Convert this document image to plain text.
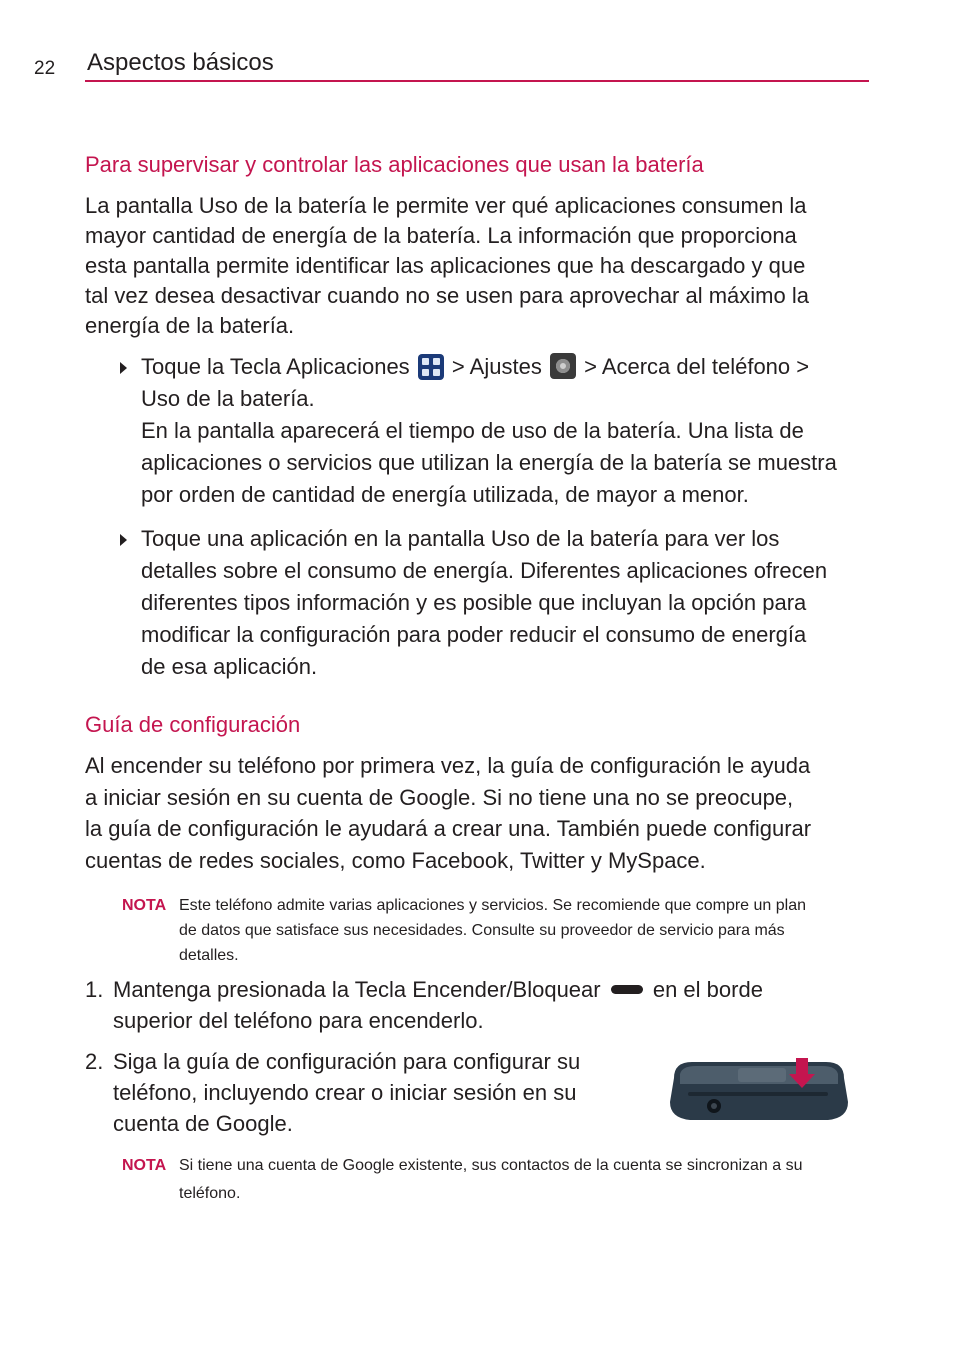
22 Aspectos básicos
Para supervisar y controlar las aplicaciones que usan la batería

La pantalla Uso de la batería le permite ver qué aplicaciones consumen la
mayor cantidad de energía de la batería. La información que proporciona
esta pantalla permite identificar las aplicaciones que ha descargado y que
tal vez desea desactivar cuando no se usen para aprovechar al máximo la
energía de la batería.

Toque la Tecla Aplicaciones
> Ajustes  > Acerca del teléfono >
Uso de la batería.
En la pantalla aparecerá el tiempo de uso de la batería. Una lista de
aplicaciones o servicios que utilizan la energía de la batería se muestra
por orden de cantidad de energía utilizada, de mayor a menor.
Toque una aplicación en la pantalla Uso de la batería para ver los
detalles sobre el consumo de energía. Diferentes aplicaciones ofrecen
diferentes tipos información y es posible que incluyan la opción para
modificar la configuración para poder reducir el consumo de energía
de esa aplicación.
Guía de configuración

Al encender su teléfono por primera vez, la guía de configuración le ayuda
a iniciar sesión en su cuenta de Google. Si no tiene una no se preocupe,
la guía de configuración le ayudará a crear una. También puede configurar
cuentas de redes sociales, como Facebook, Twitter y MySpace.

NOTA Este teléfono admite varias aplicaciones y servicios. Se recomiende que compre un plan
de datos que satisface sus necesidades. Consulte su proveedor de servicio para más
detalles.
1. Mantenga presionada la Tecla Encender/Bloquear  en el borde
superior del teléfono para encenderlo.
2. Siga la guía de configuración para configurar su
teléfono, incluyendo crear o iniciar sesión en su
cuenta de Google.
NOTA Si tiene una cuenta de Google existente, sus contactos de la cuenta se sincronizan a su
teléfono.
